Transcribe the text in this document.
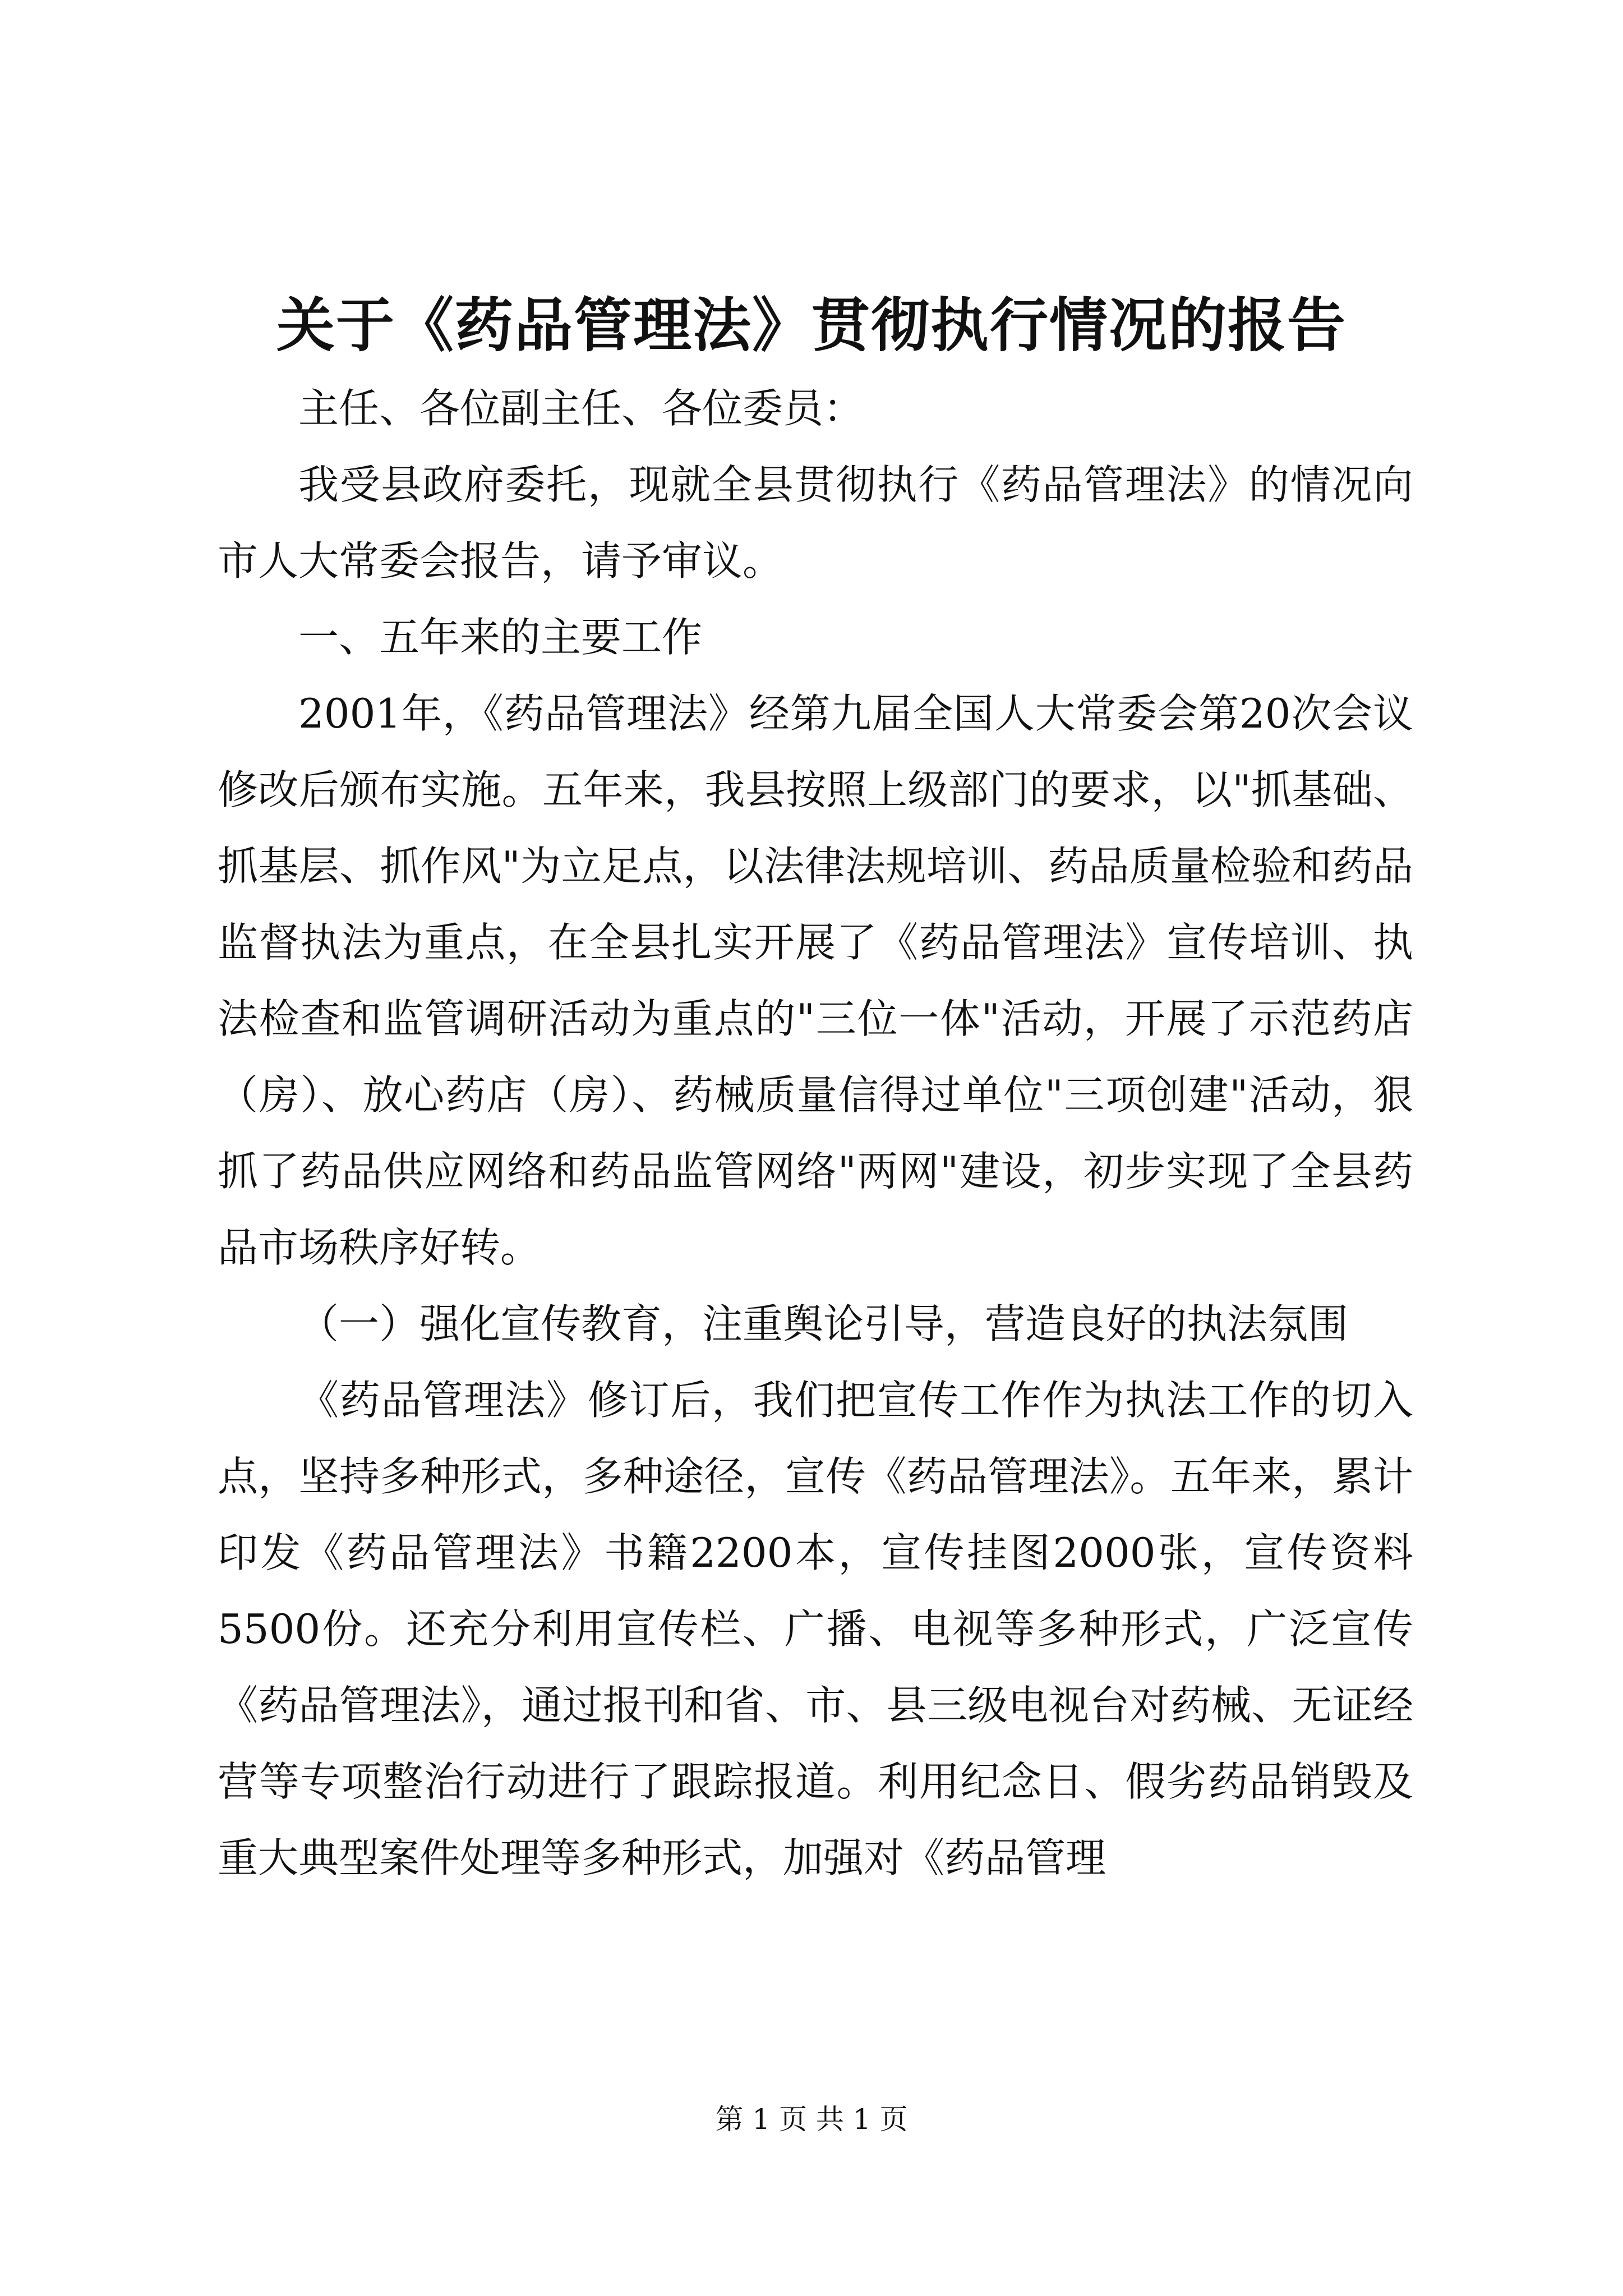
关于《药品管理法》贯彻执行情况的报告

主任、各位副主任、各位委员：

我受县政府委托，现就全县贯彻执行《药品管理法》的情况向市人大常委会报告，请予审议。

一、五年来的主要工作

2001年，《药品管理法》经第九届全国人大常委会第20次会议修改后颁布实施。五年来，我县按照上级部门的要求，以"抓基础、抓基层、抓作风"为立足点，以法律法规培训、药品质量检验和药品监督执法为重点，在全县扎实开展了《药品管理法》宣传培训、执法检查和监管调研活动为重点的"三位一体"活动，开展了示范药店（房）、放心药店（房）、药械质量信得过单位"三项创建"活动，狠抓了药品供应网络和药品监管网络"两网"建设，初步实现了全县药品市场秩序好转。

（一）强化宣传教育，注重舆论引导，营造良好的执法氛围

《药品管理法》修订后，我们把宣传工作作为执法工作的切入点，坚持多种形式，多种途径，宣传《药品管理法》。五年来，累计印发《药品管理法》书籍2200本，宣传挂图2000张，宣传资料5500份。还充分利用宣传栏、广播、电视等多种形式，广泛宣传《药品管理法》，通过报刊和省、市、县三级电视台对药械、无证经营等专项整治行动进行了跟踪报道。利用纪念日、假劣药品销毁及重大典型案件处理等多种形式，加强对《药品管理

第 1 页 共 1 页
